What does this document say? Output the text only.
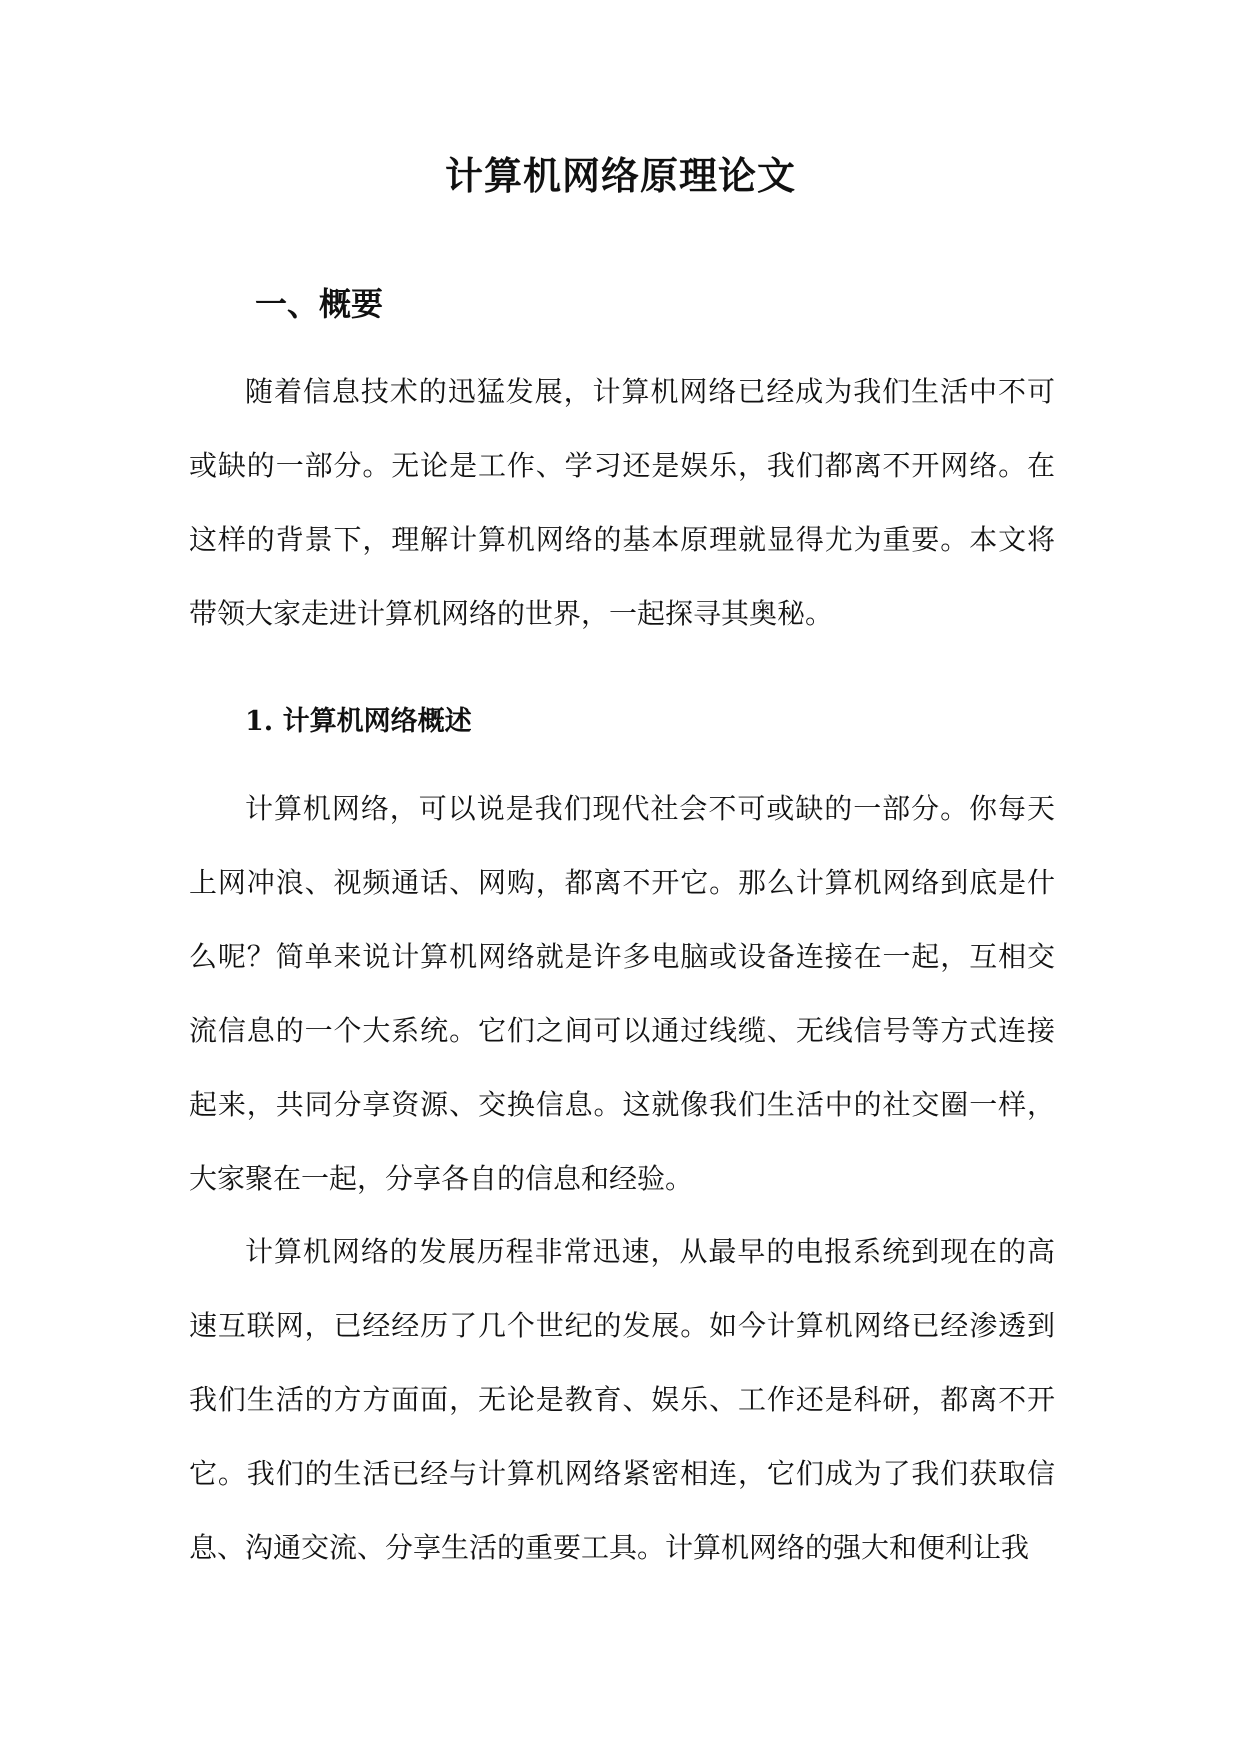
计算机网络原理论文
一、概要

随着信息技术的迅猛发展，计算机网络已经成为我们生活中不可或缺的一部分。无论是工作、学习还是娱乐，我们都离不开网络。在这样的背景下，理解计算机网络的基本原理就显得尤为重要。本文将带领大家走进计算机网络的世界，一起探寻其奥秘。

1. 计算机网络概述

计算机网络，可以说是我们现代社会不可或缺的一部分。你每天上网冲浪、视频通话、网购，都离不开它。那么计算机网络到底是什么呢？简单来说计算机网络就是许多电脑或设备连接在一起，互相交流信息的一个大系统。它们之间可以通过线缆、无线信号等方式连接起来，共同分享资源、交换信息。这就像我们生活中的社交圈一样，大家聚在一起，分享各自的信息和经验。

计算机网络的发展历程非常迅速，从最早的电报系统到现在的高速互联网，已经经历了几个世纪的发展。如今计算机网络已经渗透到我们生活的方方面面，无论是教育、娱乐、工作还是科研，都离不开它。我们的生活已经与计算机网络紧密相连，它们成为了我们获取信息、沟通交流、分享生活的重要工具。计算机网络的强大和便利让我
